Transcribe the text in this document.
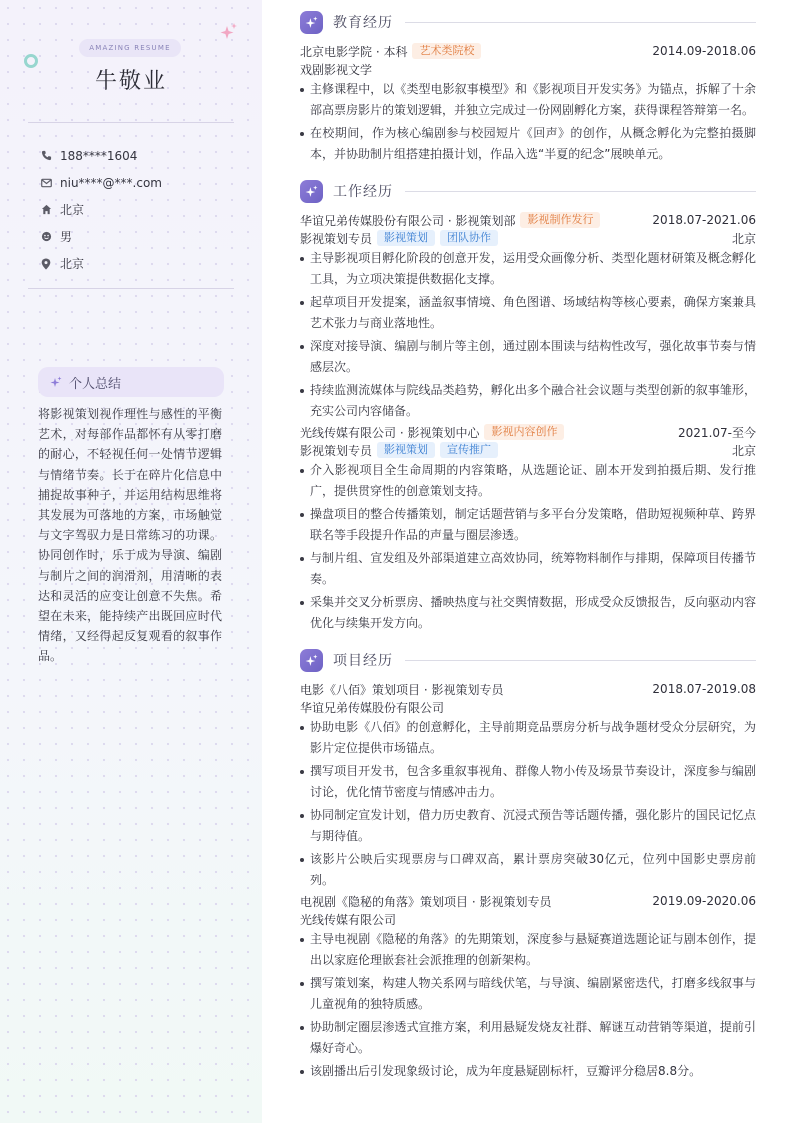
AMAZING RESUME
牛敬业
188****1604
niu****@***.com
北京
男
北京
个人总结

将影视策划视作理性与感性的平衡艺术，对每部作品都怀有从零打磨的耐心，不轻视任何一处情节逻辑与情绪节奏。长于在碎片化信息中捕捉故事种子，并运用结构思维将其发展为可落地的方案，市场触觉与文字驾驭力是日常练习的功课。协同创作时，乐于成为导演、编剧与制片之间的润滑剂，用清晰的表达和灵活的应变让创意不失焦。希望在未来，能持续产出既回应时代情绪，又经得起反复观看的叙事作品。

教育经历
北京电影学院 · 本科	艺术类院校	2014.09-2018.06
戏剧影视文学
主修课程中，以《类型电影叙事模型》和《影视项目开发实务》为锚点，拆解了十余部高票房影片的策划逻辑，并独立完成过一份网剧孵化方案，获得课程答辩第一名。
在校期间，作为核心编剧参与校园短片《回声》的创作，从概念孵化为完整拍摄脚本，并协助制片组搭建拍摄计划，作品入选“半夏的纪念”展映单元。
工作经历
华谊兄弟传媒股份有限公司 · 影视策划部	影视制作发行	2018.07-2021.06
影视策划专员	影视策划	团队协作	北京
主导影视项目孵化阶段的创意开发，运用受众画像分析、类型化题材研策及概念孵化工具，为立项决策提供数据化支撑。
起草项目开发提案，涵盖叙事情境、角色图谱、场域结构等核心要素，确保方案兼具艺术张力与商业落地性。
深度对接导演、编剧与制片等主创，通过剧本围读与结构性改写，强化故事节奏与情感层次。
持续监测流媒体与院线品类趋势，孵化出多个融合社会议题与类型创新的叙事雏形，充实公司内容储备。
光线传媒有限公司 · 影视策划中心	影视内容创作	2021.07-至今
影视策划专员	影视策划	宣传推广	北京
介入影视项目全生命周期的内容策略，从选题论证、剧本开发到拍摄后期、发行推广，提供贯穿性的创意策划支持。
操盘项目的整合传播策划，制定话题营销与多平台分发策略，借助短视频种草、跨界联名等手段提升作品的声量与圈层渗透。
与制片组、宣发组及外部渠道建立高效协同，统筹物料制作与排期，保障项目传播节奏。
采集并交叉分析票房、播映热度与社交舆情数据，形成受众反馈报告，反向驱动内容优化与续集开发方向。
项目经历
电影《八佰》策划项目 · 影视策划专员	2018.07-2019.08
华谊兄弟传媒股份有限公司
协助电影《八佰》的创意孵化，主导前期竞品票房分析与战争题材受众分层研究，为影片定位提供市场锚点。
撰写项目开发书，包含多重叙事视角、群像人物小传及场景节奏设计，深度参与编剧讨论，优化情节密度与情感冲击力。
协同制定宣发计划，借力历史教育、沉浸式预告等话题传播，强化影片的国民记忆点与期待值。
该影片公映后实现票房与口碑双高，累计票房突破30亿元，位列中国影史票房前列。
电视剧《隐秘的角落》策划项目 · 影视策划专员	2019.09-2020.06
光线传媒有限公司
主导电视剧《隐秘的角落》的先期策划，深度参与悬疑赛道选题论证与剧本创作，提出以家庭伦理嵌套社会派推理的创新架构。
撰写策划案，构建人物关系网与暗线伏笔，与导演、编剧紧密迭代，打磨多线叙事与儿童视角的独特质感。
协助制定圈层渗透式宣推方案，利用悬疑发烧友社群、解谜互动营销等渠道，提前引爆好奇心。
该剧播出后引发现象级讨论，成为年度悬疑剧标杆，豆瓣评分稳居8.8分。
